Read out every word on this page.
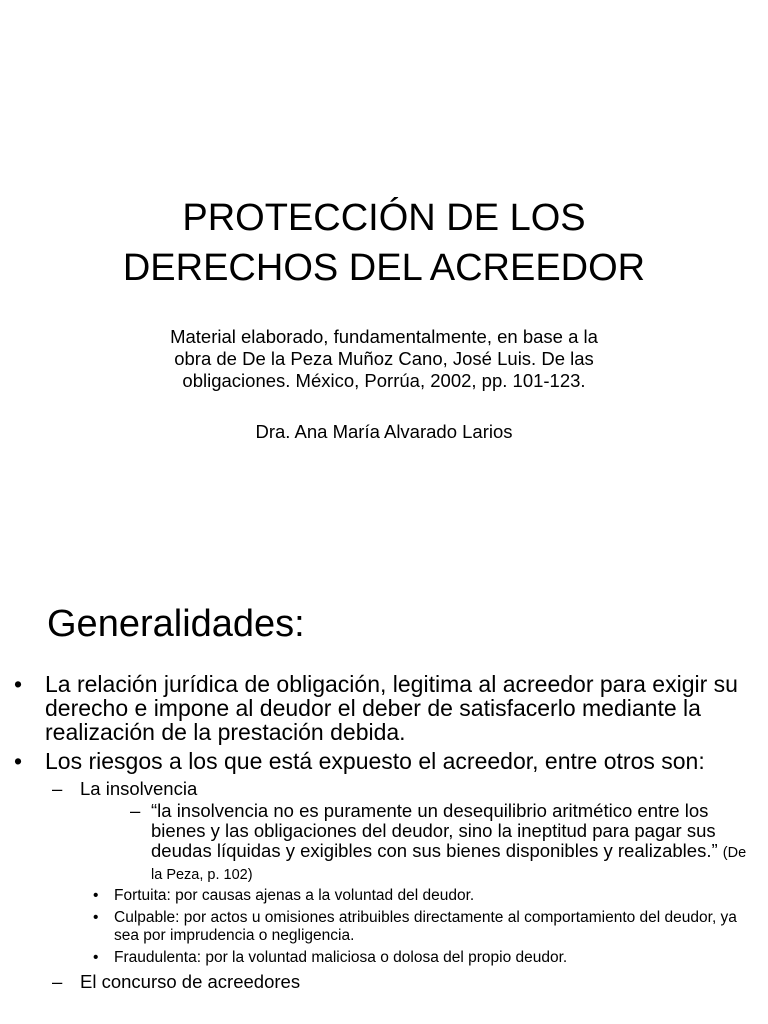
PROTECCIÓN DE LOS
DERECHOS DEL ACREEDOR

Material elaborado, fundamentalmente, en base a la
obra de De la Peza Muñoz Cano, José Luis. De las
obligaciones. México, Porrúa, 2002, pp. 101-123.

Dra. Ana María Alvarado Larios

Generalidades:
• La relación jurídica de obligación, legitima al acreedor para exigir su derecho e impone al deudor el deber de satisfacerlo mediante la realización de la prestación debida.
• Los riesgos a los que está expuesto el acreedor, entre otros son:
– La insolvencia
– “la insolvencia no es puramente un desequilibrio aritmético entre los bienes y las obligaciones del deudor, sino la ineptitud para pagar sus deudas líquidas y exigibles con sus bienes disponibles y realizables.” (De la Peza, p. 102)
• Fortuita: por causas ajenas a la voluntad del deudor.
• Culpable: por actos u omisiones atribuibles directamente al comportamiento del deudor, ya sea por imprudencia o negligencia.
• Fraudulenta: por la voluntad maliciosa o dolosa del propio deudor.
– El concurso de acreedores
